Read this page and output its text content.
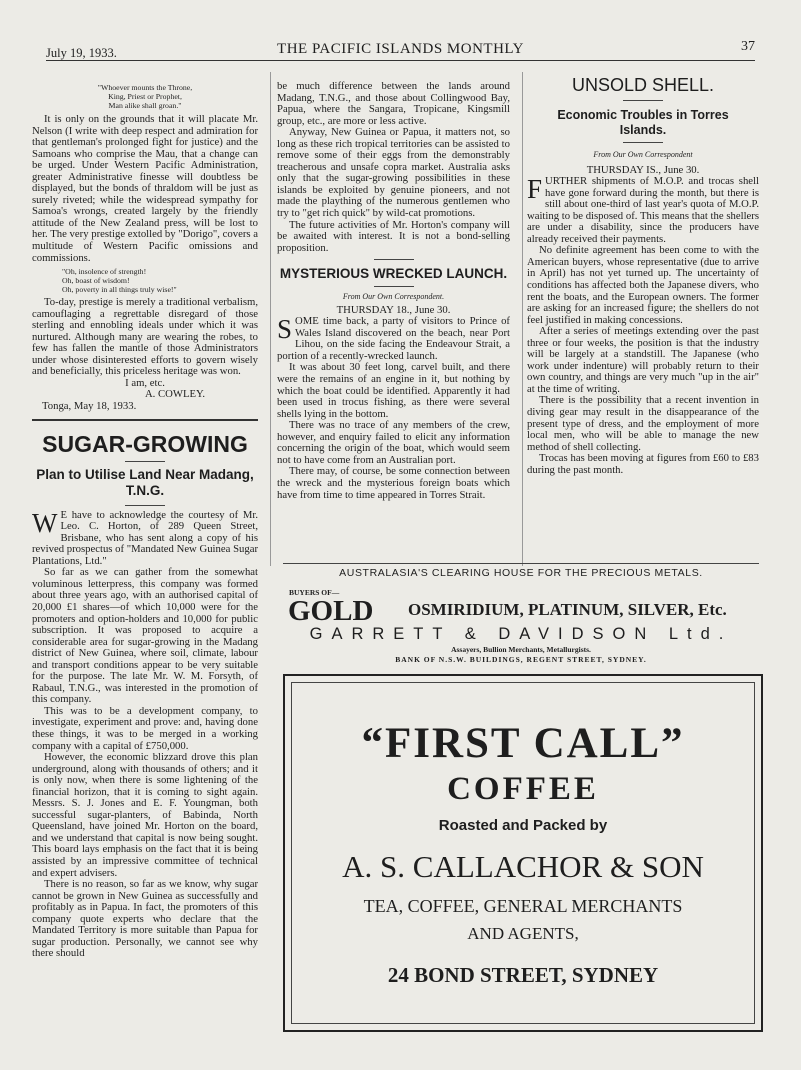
July 19, 1933.	THE PACIFIC ISLANDS MONTHLY	37
"Whoever mounts the Throne,
King, Priest or Prophet,
Man alike shall groan."

It is only on the grounds that it will placate Mr. Nelson (I write with deep respect and admiration for that gentleman's prolonged fight for justice) and the Samoans who comprise the Mau, that a change can be urged. Under Western Pacific Administration, greater Administrative finesse will doubtless be displayed, but the bonds of thraldom will be just as surely riveted; while the widespread sympathy for Samoa's wrongs, created largely by the friendly attitude of the New Zealand press, will be lost to her. The very prestige extolled by "Dorigo", covers a multitude of Western Pacific omissions and commissions.

"Oh, insolence of strength!
Oh, boast of wisdom!
Oh, poverty in all things truly wise!"

To-day, prestige is merely a traditional verbalism, camouflaging a regrettable disregard of those sterling and ennobling ideals under which it was nurtured. Although many are wearing the robes, to few has fallen the mantle of those Administrators under whose disinterested efforts to govern wisely and beneficially, this priceless heritage was won.

I am, etc.
A. COWLEY.
Tonga, May 18, 1933.
SUGAR-GROWING
Plan to Utilise Land Near Madang, T.N.G.

W E have to acknowledge the courtesy of Mr. Leo. C. Horton, of 289 Queen Street, Brisbane, who has sent along a copy of his revived prospectus of "Mandated New Guinea Sugar Plantations, Ltd."

So far as we can gather from the somewhat voluminous letterpress, this company was formed about three years ago, with an authorised capital of 20,000 £1 shares—of which 10,000 were for the promoters and option-holders and 10,000 for public subscription. It was proposed to acquire a considerable area for sugar-growing in the Madang district of New Guinea, where soil, climate, labour and transport conditions appear to be very suitable for the purpose. The late Mr. W. M. Forsyth, of Rabaul, T.N.G., was interested in the promotion of this company.

This was to be a development company, to investigate, experiment and prove: and, having done these things, it was to be merged in a working company with a capital of £750,000.

However, the economic blizzard drove this plan underground, along with thousands of others; and it is only now, when there is some lightening of the financial horizon, that it is coming to sight again. Messrs. S. J. Jones and E. F. Youngman, both successful sugar-planters, of Babinda, North Queensland, have joined Mr. Horton on the board, and we understand that capital is now being sought. This board lays emphasis on the fact that it is being assisted by an impressive committee of technical and expert advisers.

There is no reason, so far as we know, why sugar cannot be grown in New Guinea as successfully and profitably as in Papua. In fact, the promoters of this company quote experts who declare that the Mandated Territory is more suitable than Papua for sugar production. Personally, we cannot see why there should

be much difference between the lands around Madang, T.N.G., and those about Collingwood Bay, Papua, where the Sangara, Tropicane, Kingsmill group, etc., are more or less active.

Anyway, New Guinea or Papua, it matters not, so long as these rich tropical territories can be assisted to remove some of their eggs from the demonstrably treacherous and unsafe copra market. Australia asks only that the sugar-growing possibilities in these islands be exploited by genuine pioneers, and not made the plaything of the numerous gentlemen who try to "get rich quick" by wild-cat promotions.

The future activities of Mr. Horton's company will be awaited with interest. It is not a bond-selling proposition.

MYSTERIOUS WRECKED LAUNCH.
From Our Own Correspondent.
THURSDAY 18., June 30.

SOME time back, a party of visitors to Prince of Wales Island discovered on the beach, near Port Lihou, on the side facing the Endeavour Strait, a portion of a recently-wrecked launch.

It was about 30 feet long, carvel built, and there were the remains of an engine in it, but nothing by which the boat could be identified. Apparently it had been used in trocus fishing, as there were several shells lying in the bottom.

There was no trace of any members of the crew, however, and enquiry failed to elicit any information concerning the origin of the boat, which would seem not to have come from an Australian port.

There may, of course, be some connection between the wreck and the mysterious foreign boats which have from time to time appeared in Torres Strait.

UNSOLD SHELL.
Economic Troubles in Torres Islands.
From Our Own Correspondent
THURSDAY IS., June 30.

FURTHER shipments of M.O.P. and trocas shell have gone forward during the month, but there is still about one-third of last year's quota of M.O.P. waiting to be disposed of. This means that the shellers are under a disability, since the producers have already received their payments.

No definite agreement has been come to with the American buyers, whose representative (due to arrive in April) has not yet turned up. The uncertainty of conditions has affected both the Japanese divers, who rent the boats, and the European owners. The former are asking for an increased figure; the shellers do not feel justified in making concessions.

After a series of meetings extending over the past three or four weeks, the position is that the industry will be largely at a standstill. The Japanese (who work under indenture) will probably return to their own country, and things are very much "up in the air" at the time of writing.

There is the possibility that a recent invention in diving gear may result in the disappearance of the present type of dress, and the employment of more local men, who will be able to manage the new method of shell collecting.

Trocas has been moving at figures from £60 to £83 during the past month.

AUSTRALASIA'S CLEARING HOUSE FOR THE PRECIOUS METALS.
BUYERS OF—
GOLD OSMIRIDIUM, PLATINUM, SILVER, Etc.
GARRETT & DAVIDSON Ltd.
Assayers, Bullion Merchants, Metallurgists.
BANK OF N.S.W. BUILDINGS, REGENT STREET, SYDNEY.
“FIRST CALL”
COFFEE
Roasted and Packed by
A. S. CALLACHOR & SON
TEA, COFFEE, GENERAL MERCHANTS
AND AGENTS,
24 BOND STREET, SYDNEY
